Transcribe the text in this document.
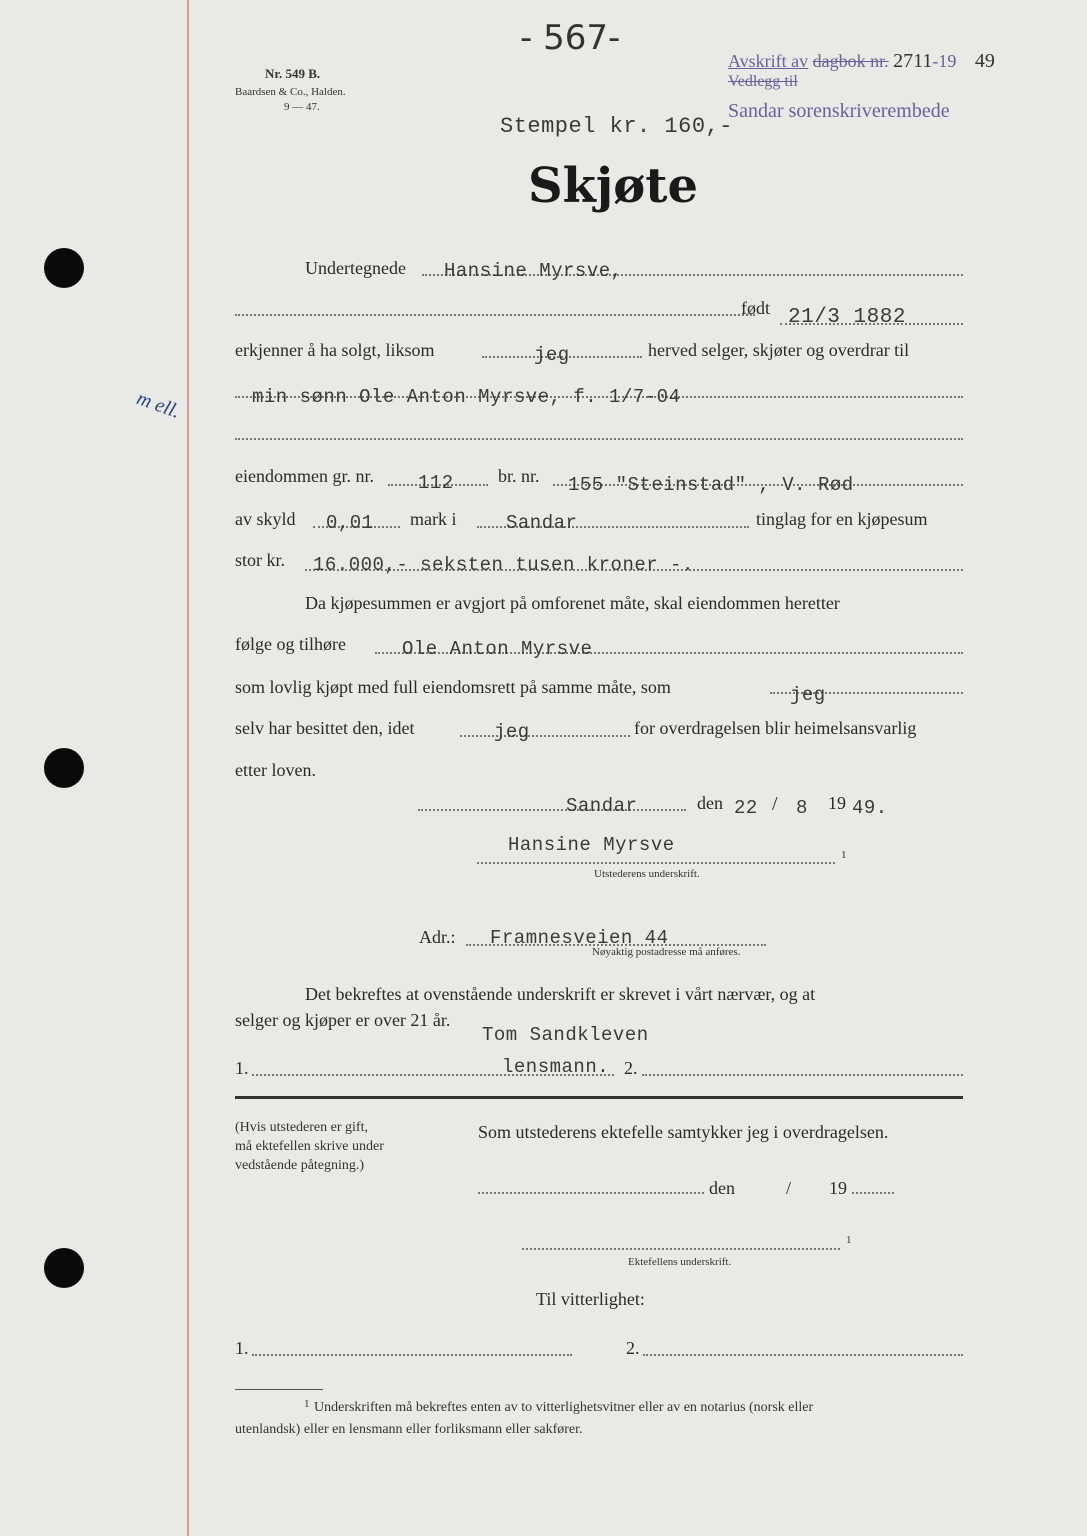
- 567-
Nr. 549 B.
Baardsen & Co., Halden.
9 — 47.
Avskrift av dagbok nr. 2711-19 49
Vedlegg til
Sandar sorenskriverembede
Stempel kr. 160,-
Skjøte
Undertegnede Hansine Myrsve,
født 21/3 1882
erkjenner å ha solgt, liksom	jeg	herved selger, skjøter og overdrar til
min sønn Ole Anton Myrsve, f. 1/7-04
m ell.
eiendommen gr. nr. 112 br. nr. 155 "Steinstad" , V. Rød
av skyld 0,01 mark i	Sandar	tinglag for en kjøpesum
stor kr. 16.000,- seksten tusen kroner -.
Da kjøpesummen er avgjort på omforenet måte, skal eiendommen heretter
følge og tilhøre	Ole Anton Myrsve
som lovlig kjøpt med full eiendomsrett på samme måte, som	jeg
selv har besittet den, idet	jeg	for overdragelsen blir heimelsansvarlig
etter loven.
Sandar	den 22 / 8 19 49.
Hansine Myrsve	1
Utstederens underskrift.
Adr.: Framnesveien 44
Nøyaktig postadresse må anføres.
Det bekreftes at ovenstående underskrift er skrevet i vårt nærvær, og at
selger og kjøper er over 21 år.
Tom Sandkleven
1.	lensmann. 2.
(Hvis utstederen er gift,
må ektefellen skrive under
vedstående påtegning.)
Som utstederens ektefelle samtykker jeg i overdragelsen.
den	/ 19
1
Ektefellens underskrift.
Til vitterlighet:
1.	2.
1 Underskriften må bekreftes enten av to vitterlighetsvitner eller av en notarius (norsk eller
utenlandsk) eller en lensmann eller forliksmann eller sakfører.
